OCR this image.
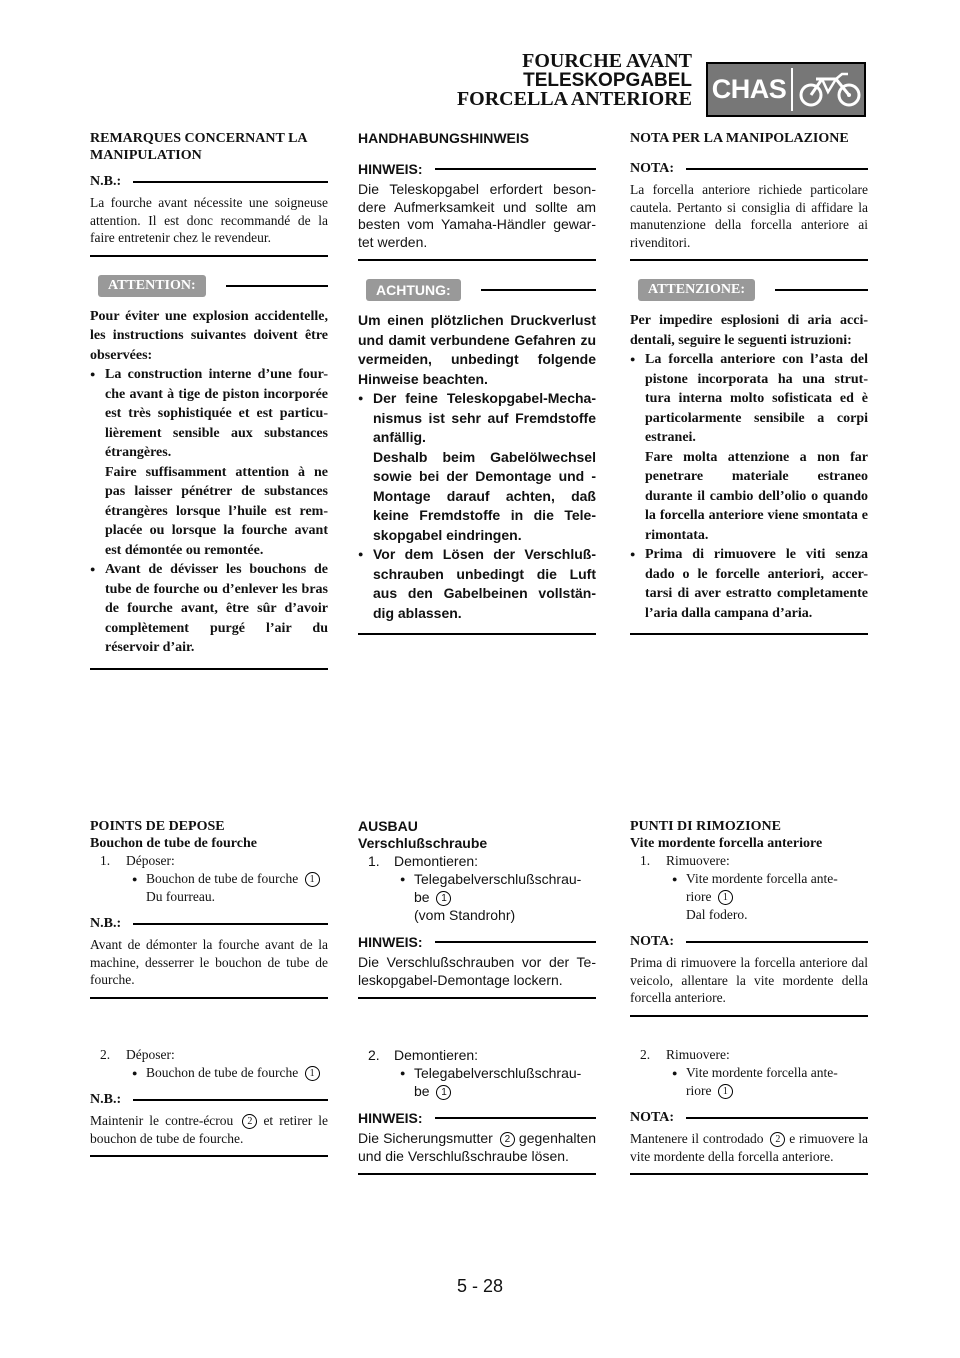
FOURCHE AVANT
TELESKOPGABEL
FORCELLA ANTERIORE CHAS
REMARQUES CONCERNANT LA
MANIPULATION
N.B.:
La fourche avant nécessite une soigneuse attention. Il est donc recommandé de la faire entretenir chez le revendeur.
ATTENTION:
Pour éviter une explosion accidentelle, les instructions suivantes doivent être observées:
● La construction interne d’une four-che avant à tige de piston incorporée est très sophistiquée et est particu-lièrement sensible aux substances étrangères.
Faire suffisamment attention à ne pas laisser pénétrer de substances étrangères lorsque l’huile est rem-placée ou lorsque la fourche avant est démontée ou remontée.
● Avant de dévisser les bouchons de tube de fourche ou d’enlever les bras de fourche avant, être sûr d’avoir complètement purgé l’air du réservoir d’air.
HANDHABUNGSHINWEIS
HINWEIS:
Die Teleskopgabel erfordert beson-dere Aufmerksamkeit und sollte am besten vom Yamaha-Händler gewar-tet werden.
ACHTUNG:
Um einen plötzlichen Druckverlust und damit verbundene Gefahren zu vermeiden, unbedingt folgende Hinweise beachten.
● Der feine Teleskopgabel-Mecha-nismus ist sehr auf Fremdstoffe anfällig.
Deshalb beim Gabelölwechsel sowie bei der Demontage und -Montage darauf achten, daß keine Fremdstoffe in die Tele-skopgabel eindringen.
● Vor dem Lösen der Verschluß-schrauben unbedingt die Luft aus den Gabelbeinen vollstän-dig ablassen.
NOTA PER LA MANIPOLAZIONE
NOTA:
La forcella anteriore richiede particolare cautela. Pertanto si consiglia di affidare la manutenzione della forcella anteriore ai rivenditori.
ATTENZIONE:
Per impedire esplosioni di aria acci-dentali, seguire le seguenti istruzioni:
● La forcella anteriore con l’asta del pistone incorporata ha una strut-tura interna molto sofisticata ed è particolarmente sensibile a corpi estranei.
Fare molta attenzione a non far penetrare materiale estraneo durante il cambio dell’olio o quando la forcella anteriore viene smontata e rimontata.
● Prima di rimuovere le viti senza dado o le forcelle anteriori, accer-tarsi di aver estratto completamente l’aria dalla campana d’aria.
POINTS DE DEPOSE
Bouchon de tube de fourche
1. Déposer:
● Bouchon de tube de fourche 1
Du fourreau.
N.B.:
Avant de démonter la fourche avant de la machine, desserrer le bouchon de tube de fourche.
2. Déposer:
● Bouchon de tube de fourche 1
N.B.:
Maintenir le contre-écrou 2 et retirer le bouchon de tube de fourche.
AUSBAU
Verschlußschraube
1. Demontieren:
● Telegabelverschlußschrau-
be 1
(vom Standrohr)
HINWEIS:
Die Verschlußschrauben vor der Te-leskopgabel-Demontage lockern.
2. Demontieren:
● Telegabelverschlußschrau-
be 1
HINWEIS:
Die Sicherungsmutter 2 gegenhalten und die Verschlußschraube lösen.
PUNTI DI RIMOZIONE
Vite mordente forcella anteriore
1. Rimuovere:
● Vite mordente forcella ante-
riore 1
Dal fodero.
NOTA:
Prima di rimuovere la forcella anteriore dal veicolo, allentare la vite mordente della forcella anteriore.
2. Rimuovere:
● Vite mordente forcella ante-
riore 1
NOTA:
Mantenere il controdado 2 e rimuovere la vite mordente della forcella anteriore.
5 - 28
